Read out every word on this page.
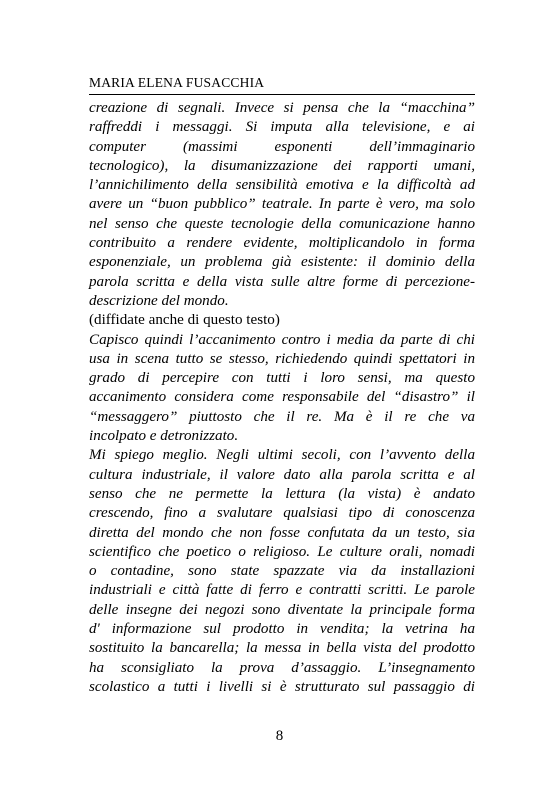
MARIA ELENA FUSACCHIA
creazione di segnali. Invece si pensa che la “macchina”
raffreddi i messaggi. Si imputa alla televisione, e ai
computer (massimi esponenti dell’immaginario
tecnologico), la disumanizzazione dei rapporti umani,
l’annichilimento della sensibilità emotiva e la difficoltà ad
avere un “buon pubblico” teatrale. In parte è vero, ma solo
nel senso che queste tecnologie della comunicazione hanno
contribuito a rendere evidente, moltiplicandolo in forma
esponenziale, un problema già esistente: il dominio della
parola scritta e della vista sulle altre forme di percezione-
descrizione del mondo.
(diffidate anche di questo testo)
Capisco quindi l’accanimento contro i media da parte di chi
usa in scena tutto se stesso, richiedendo quindi spettatori in
grado di percepire con tutti i loro sensi, ma questo
accanimento considera come responsabile del “disastro” il
“messaggero” piuttosto che il re. Ma è il re che va
incolpato e detronizzato.
Mi spiego meglio. Negli ultimi secoli, con l’avvento della
cultura industriale, il valore dato alla parola scritta e al
senso che ne permette la lettura (la vista) è andato
crescendo, fino a svalutare qualsiasi tipo di conoscenza
diretta del mondo che non fosse confutata da un testo, sia
scientifico che poetico o religioso. Le culture orali, nomadi
o contadine, sono state spazzate via da installazioni
industriali e città fatte di ferro e contratti scritti. Le parole
delle insegne dei negozi sono diventate la principale forma
d' informazione sul prodotto in vendita; la vetrina ha
sostituito la bancarella; la messa in bella vista del prodotto
ha sconsigliato la prova d’assaggio. L’insegnamento
scolastico a tutti i livelli si è strutturato sul passaggio di
8
